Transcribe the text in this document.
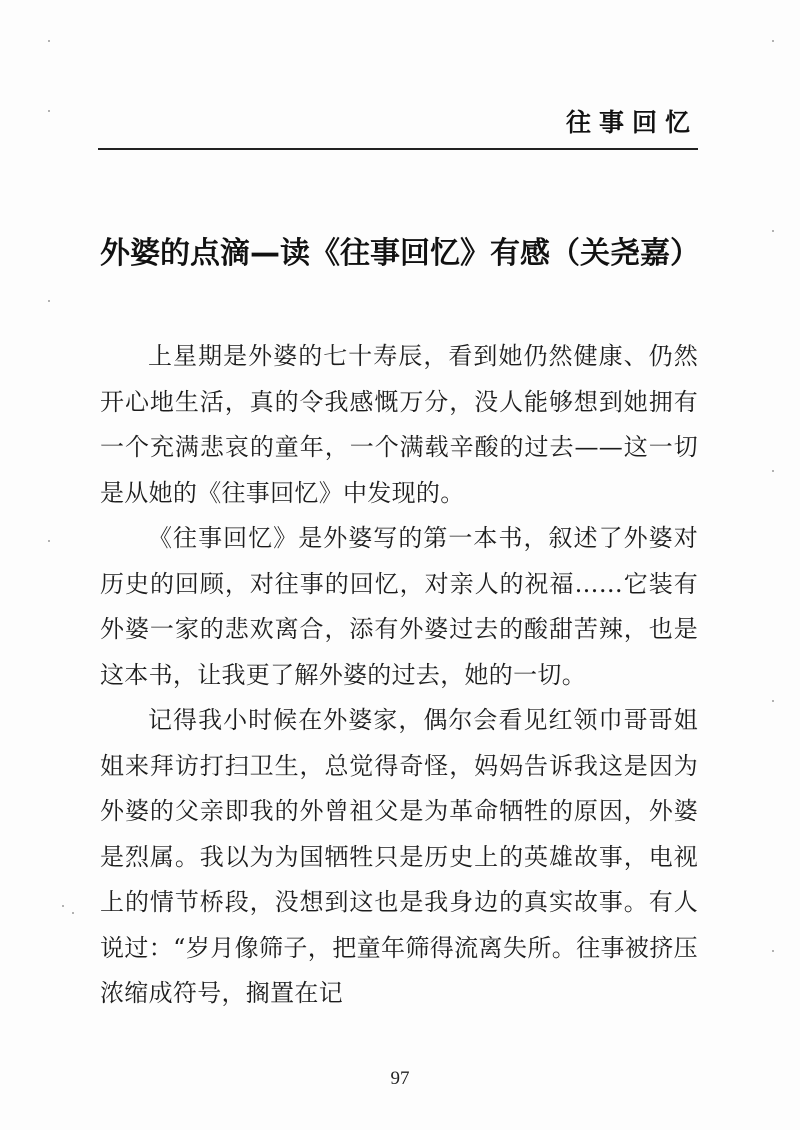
往事回忆
外婆的点滴—读《往事回忆》有感（关尧嘉）

上星期是外婆的七十寿辰，看到她仍然健康、仍然开心地生活，真的令我感慨万分，没人能够想到她拥有一个充满悲哀的童年，一个满载辛酸的过去——这一切是从她的《往事回忆》中发现的。

《往事回忆》是外婆写的第一本书，叙述了外婆对历史的回顾，对往事的回忆，对亲人的祝福……它装有外婆一家的悲欢离合，添有外婆过去的酸甜苦辣，也是这本书，让我更了解外婆的过去，她的一切。

记得我小时候在外婆家，偶尔会看见红领巾哥哥姐姐来拜访打扫卫生，总觉得奇怪，妈妈告诉我这是因为外婆的父亲即我的外曾祖父是为革命牺牲的原因，外婆是烈属。我以为为国牺牲只是历史上的英雄故事，电视上的情节桥段，没想到这也是我身边的真实故事。有人说过：“岁月像筛子，把童年筛得流离失所。往事被挤压浓缩成符号，搁置在记

97
